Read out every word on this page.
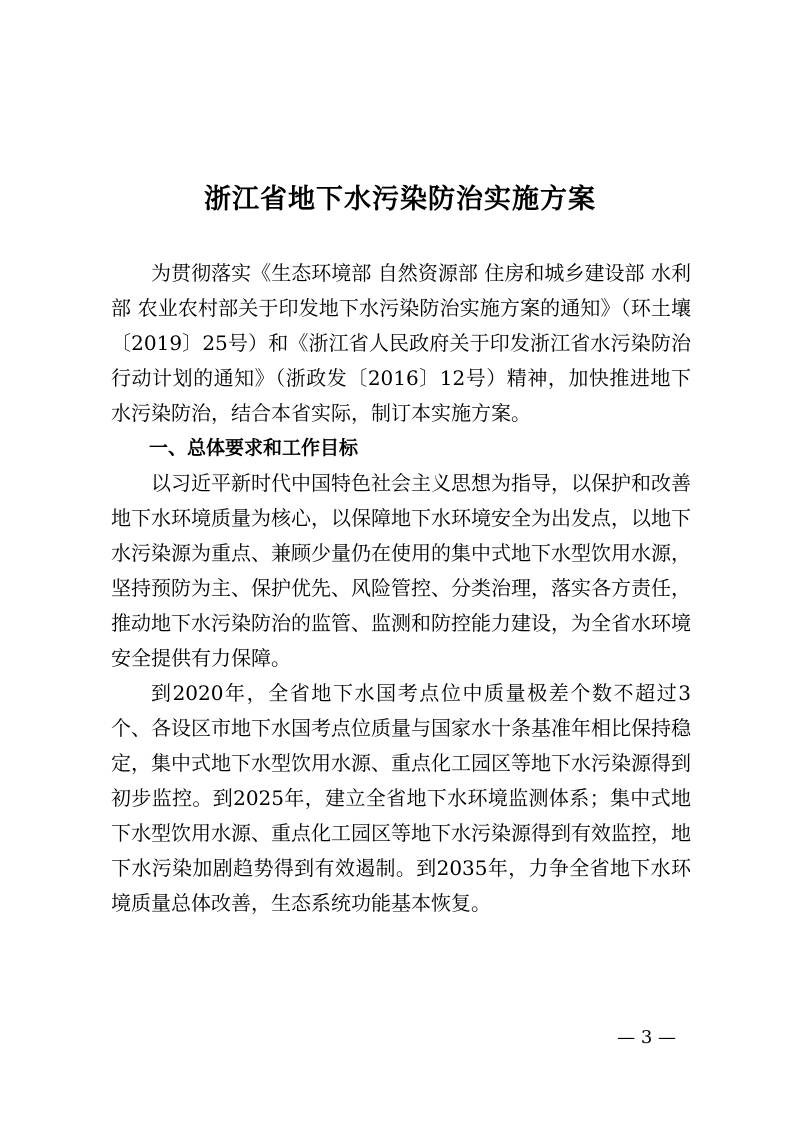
浙江省地下水污染防治实施方案

为贯彻落实《生态环境部 自然资源部 住房和城乡建设部 水利部 农业农村部关于印发地下水污染防治实施方案的通知》（环土壤〔2019〕25号）和《浙江省人民政府关于印发浙江省水污染防治行动计划的通知》（浙政发〔2016〕12号）精神，加快推进地下水污染防治，结合本省实际，制订本实施方案。

一、总体要求和工作目标

以习近平新时代中国特色社会主义思想为指导，以保护和改善地下水环境质量为核心，以保障地下水环境安全为出发点，以地下水污染源为重点、兼顾少量仍在使用的集中式地下水型饮用水源，坚持预防为主、保护优先、风险管控、分类治理，落实各方责任，推动地下水污染防治的监管、监测和防控能力建设，为全省水环境安全提供有力保障。

到2020年，全省地下水国考点位中质量极差个数不超过3个、各设区市地下水国考点位质量与国家水十条基准年相比保持稳定，集中式地下水型饮用水源、重点化工园区等地下水污染源得到初步监控。到2025年，建立全省地下水环境监测体系；集中式地下水型饮用水源、重点化工园区等地下水污染源得到有效监控，地下水污染加剧趋势得到有效遏制。到2035年，力争全省地下水环境质量总体改善，生态系统功能基本恢复。

— 3 —
